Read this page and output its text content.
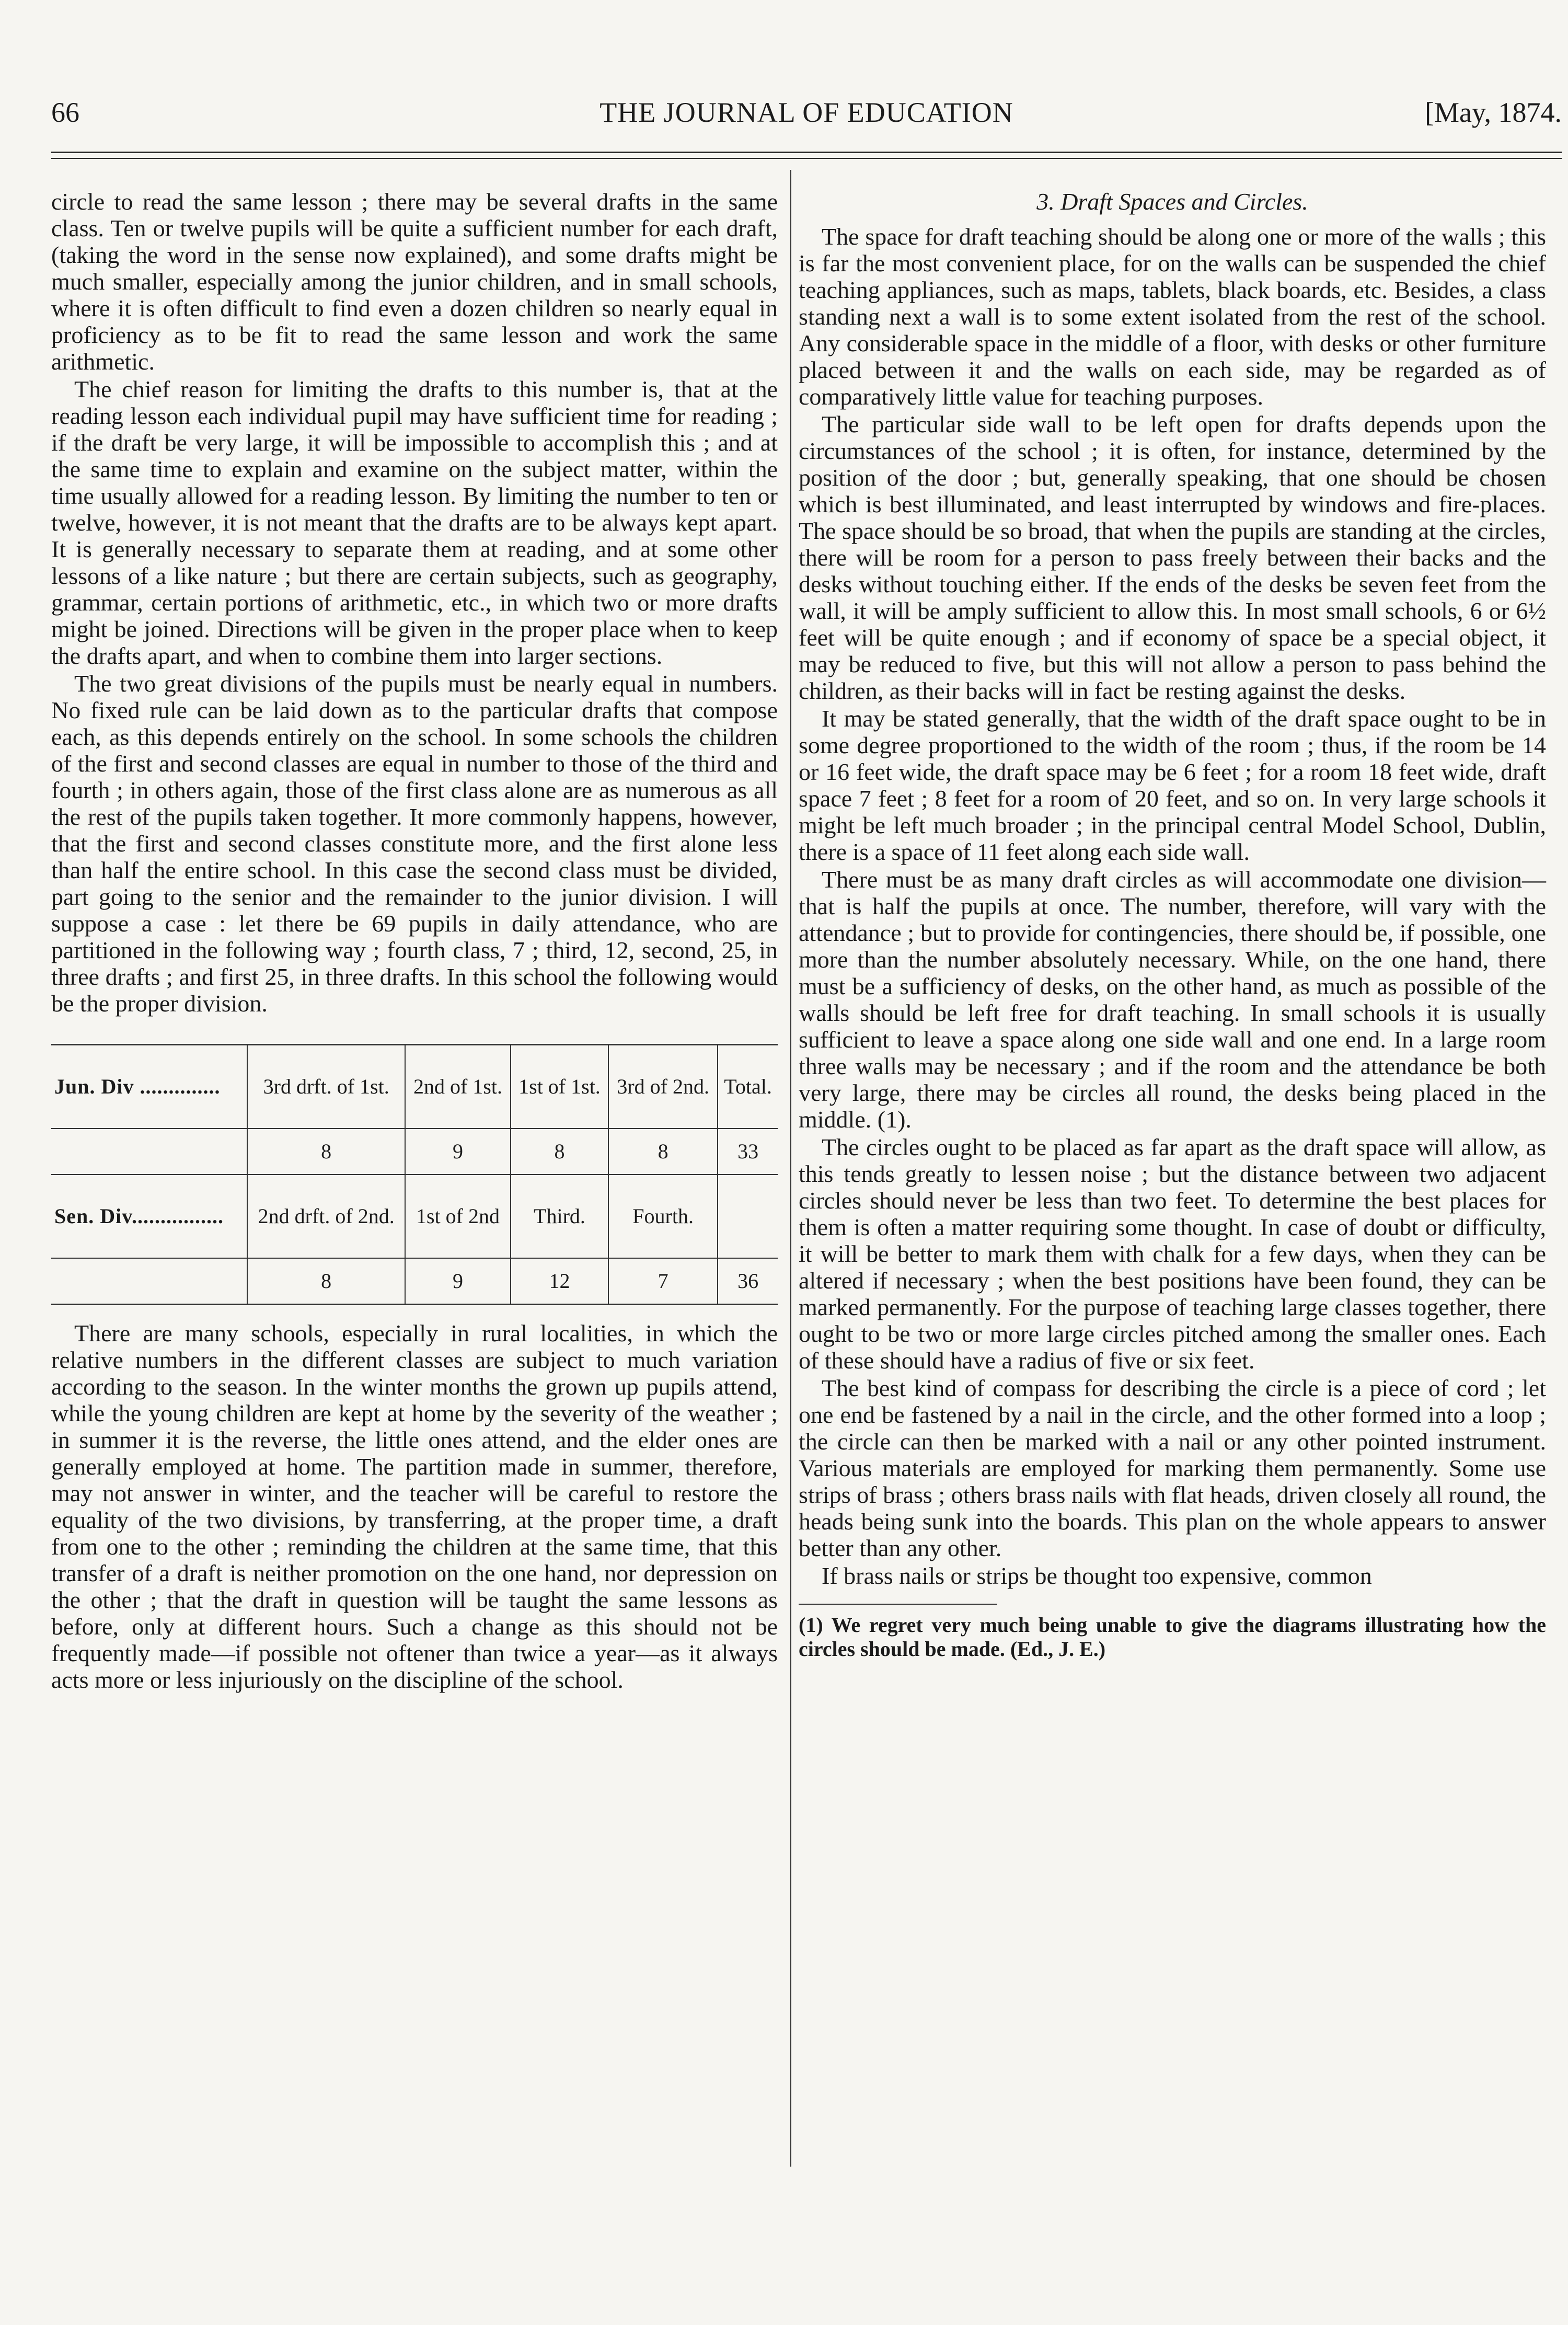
66	THE JOURNAL OF EDUCATION	[May, 1874.

circle to read the same lesson ; there may be several drafts in the same class. Ten or twelve pupils will be quite a sufficient number for each draft, (taking the word in the sense now explained), and some drafts might be much smaller, especially among the junior children, and in small schools, where it is often difficult to find even a dozen children so nearly equal in proficiency as to be fit to read the same lesson and work the same arithmetic.

The chief reason for limiting the drafts to this number is, that at the reading lesson each individual pupil may have sufficient time for reading ; if the draft be very large, it will be impossible to accomplish this ; and at the same time to explain and examine on the subject matter, within the time usually allowed for a reading lesson. By limiting the number to ten or twelve, however, it is not meant that the drafts are to be always kept apart. It is generally necessary to separate them at reading, and at some other lessons of a like nature ; but there are certain subjects, such as geography, grammar, certain portions of arithmetic, etc., in which two or more drafts might be joined. Directions will be given in the proper place when to keep the drafts apart, and when to combine them into larger sections.

The two great divisions of the pupils must be nearly equal in numbers. No fixed rule can be laid down as to the particular drafts that compose each, as this depends entirely on the school. In some schools the children of the first and second classes are equal in number to those of the third and fourth ; in others again, those of the first class alone are as numerous as all the rest of the pupils taken together. It more commonly happens, however, that the first and second classes constitute more, and the first alone less than half the entire school. In this case the second class must be divided, part going to the senior and the remainder to the junior division. I will suppose a case : let there be 69 pupils in daily attendance, who are partitioned in the following way ; fourth class, 7 ; third, 12, second, 25, in three drafts ; and first 25, in three drafts. In this school the following would be the proper division.

Jun. Div ..............	3rd drft. of 1st.	2nd of 1st.	1st of 1st.	3rd of 2nd.	Total.
	8	9	8	8	33
Sen. Div................	2nd drft. of 2nd.	1st of 2nd	Third.	Fourth.	
	8	9	12	7	36

There are many schools, especially in rural localities, in which the relative numbers in the different classes are subject to much variation according to the season. In the winter months the grown up pupils attend, while the young children are kept at home by the severity of the weather ; in summer it is the reverse, the little ones attend, and the elder ones are generally employed at home. The partition made in summer, therefore, may not answer in winter, and the teacher will be careful to restore the equality of the two divisions, by transferring, at the proper time, a draft from one to the other ; reminding the children at the same time, that this transfer of a draft is neither promotion on the one hand, nor depression on the other ; that the draft in question will be taught the same lessons as before, only at different hours. Such a change as this should not be frequently made—if possible not oftener than twice a year—as it always acts more or less injuriously on the discipline of the school.

3. Draft Spaces and Circles.

The space for draft teaching should be along one or more of the walls ; this is far the most convenient place, for on the walls can be suspended the chief teaching appliances, such as maps, tablets, black boards, etc. Besides, a class standing next a wall is to some extent isolated from the rest of the school. Any considerable space in the middle of a floor, with desks or other furniture placed between it and the walls on each side, may be regarded as of comparatively little value for teaching purposes.

The particular side wall to be left open for drafts depends upon the circumstances of the school ; it is often, for instance, determined by the position of the door ; but, generally speaking, that one should be chosen which is best illuminated, and least interrupted by windows and fire-places. The space should be so broad, that when the pupils are standing at the circles, there will be room for a person to pass freely between their backs and the desks without touching either. If the ends of the desks be seven feet from the wall, it will be amply sufficient to allow this. In most small schools, 6 or 6½ feet will be quite enough ; and if economy of space be a special object, it may be reduced to five, but this will not allow a person to pass behind the children, as their backs will in fact be resting against the desks.

It may be stated generally, that the width of the draft space ought to be in some degree proportioned to the width of the room ; thus, if the room be 14 or 16 feet wide, the draft space may be 6 feet ; for a room 18 feet wide, draft space 7 feet ; 8 feet for a room of 20 feet, and so on. In very large schools it might be left much broader ; in the principal central Model School, Dublin, there is a space of 11 feet along each side wall.

There must be as many draft circles as will accommodate one division—that is half the pupils at once. The number, therefore, will vary with the attendance ; but to provide for contingencies, there should be, if possible, one more than the number absolutely necessary. While, on the one hand, there must be a sufficiency of desks, on the other hand, as much as possible of the walls should be left free for draft teaching. In small schools it is usually sufficient to leave a space along one side wall and one end. In a large room three walls may be necessary ; and if the room and the attendance be both very large, there may be circles all round, the desks being placed in the middle. (1).

The circles ought to be placed as far apart as the draft space will allow, as this tends greatly to lessen noise ; but the distance between two adjacent circles should never be less than two feet. To determine the best places for them is often a matter requiring some thought. In case of doubt or difficulty, it will be better to mark them with chalk for a few days, when they can be altered if necessary ; when the best positions have been found, they can be marked permanently. For the purpose of teaching large classes together, there ought to be two or more large circles pitched among the smaller ones. Each of these should have a radius of five or six feet.

The best kind of compass for describing the circle is a piece of cord ; let one end be fastened by a nail in the circle, and the other formed into a loop ; the circle can then be marked with a nail or any other pointed instrument. Various materials are employed for marking them permanently. Some use strips of brass ; others brass nails with flat heads, driven closely all round, the heads being sunk into the boards. This plan on the whole appears to answer better than any other.

If brass nails or strips be thought too expensive, common

(1) We regret very much being unable to give the diagrams illustrating how the circles should be made. (Ed., J. E.)
